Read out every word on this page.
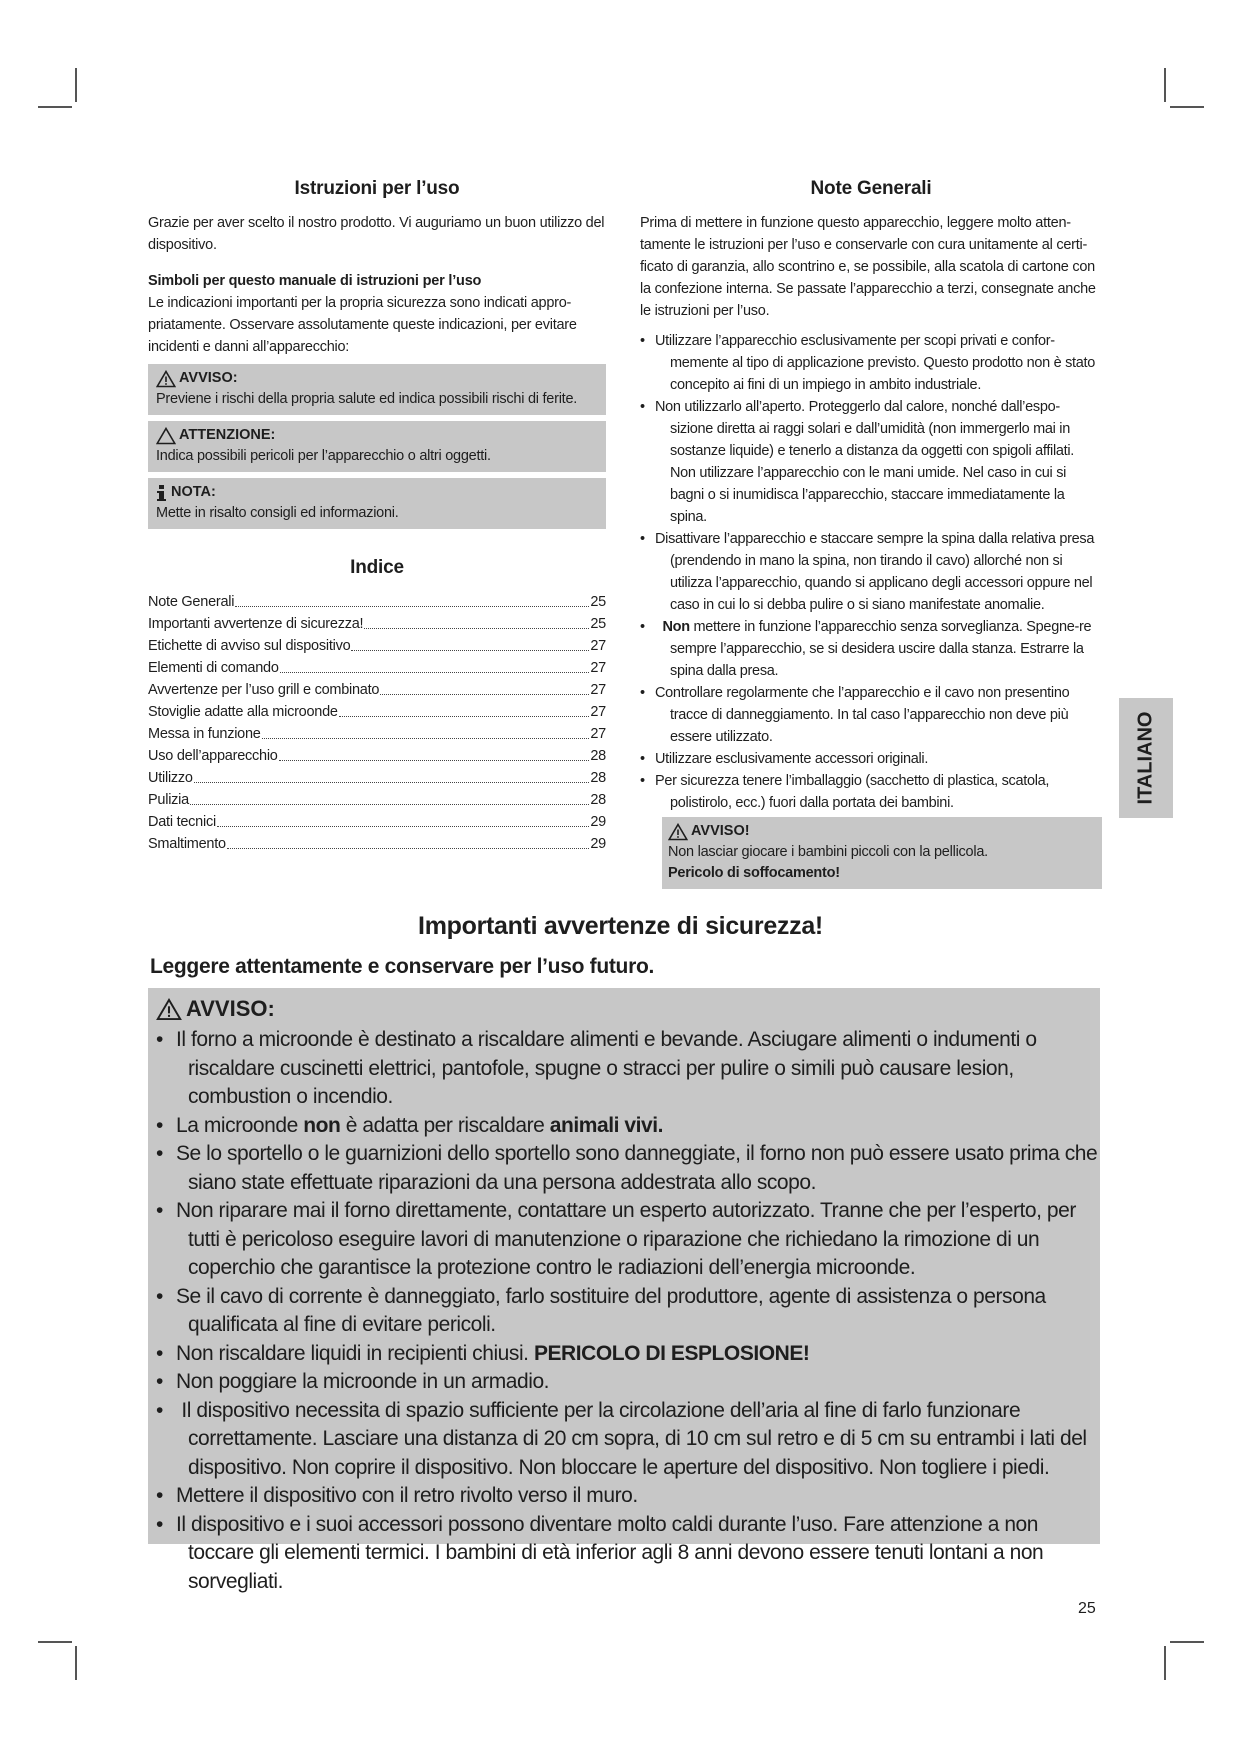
Istruzioni per l’uso

Grazie per aver scelto il nostro prodotto. Vi auguriamo un buon utilizzo del dispositivo.

Simboli per questo manuale di istruzioni per l’uso

Le indicazioni importanti per la propria sicurezza sono indicati appro-priatamente. Osservare assolutamente queste indicazioni, per evitare incidenti e danni all’apparecchio:

AVVISO:
Previene i rischi della propria salute ed indica possibili rischi di ferite.
ATTENZIONE:
Indica possibili pericoli per l’apparecchio o altri oggetti.
NOTA:
Mette in risalto consigli ed informazioni.
Indice
Note Generali	25
Importanti avvertenze di sicurezza!	25
Etichette di avviso sul dispositivo	27
Elementi di comando	27
Avvertenze per l’uso grill e combinato	27
Stoviglie adatte alla microonde	27
Messa in funzione	27
Uso dell’apparecchio	28
Utilizzo	28
Pulizia	28
Dati tecnici	29
Smaltimento	29
Note Generali

Prima di mettere in funzione questo apparecchio, leggere molto atten-tamente le istruzioni per l’uso e conservarle con cura unitamente al certi-ficato di garanzia, allo scontrino e, se possibile, alla scatola di cartone con la confezione interna. Se passate l’apparecchio a terzi, consegnate anche le istruzioni per l’uso.

• Utilizzare l’apparecchio esclusivamente per scopi privati e confor-memente al tipo di applicazione previsto. Questo prodotto non è stato concepito ai fini di un impiego in ambito industriale.
• Non utilizzarlo all’aperto. Proteggerlo dal calore, nonché dall’espo-sizione diretta ai raggi solari e dall’umidità (non immergerlo mai in sostanze liquide) e tenerlo a distanza da oggetti con spigoli affilati. Non utilizzare l’apparecchio con le mani umide. Nel caso in cui si bagni o si inumidisca l’apparecchio, staccare immediatamente la spina.
• Disattivare l’apparecchio e staccare sempre la spina dalla relativa presa (prendendo in mano la spina, non tirando il cavo) allorché non si utilizza l’apparecchio, quando si applicano degli accessori oppure nel caso in cui lo si debba pulire o si siano manifestate anomalie.
• Non mettere in funzione l’apparecchio senza sorveglianza. Spegne-re sempre l’apparecchio, se si desidera uscire dalla stanza. Estrarre la spina dalla presa.
• Controllare regolarmente che l’apparecchio e il cavo non presentino tracce di danneggiamento. In tal caso l’apparecchio non deve più essere utilizzato.
• Utilizzare esclusivamente accessori originali.
• Per sicurezza tenere l’imballaggio (sacchetto di plastica, scatola, polistirolo, ecc.) fuori dalla portata dei bambini.
AVVISO!
Non lasciar giocare i bambini piccoli con la pellicola.
Pericolo di soffocamento!
ITALIANO
Importanti avvertenze di sicurezza!

Leggere attentamente e conservare per l’uso futuro.

AVVISO:
• Il forno a microonde è destinato a riscaldare alimenti e bevande. Asciugare alimenti o indumenti o riscaldare cuscinetti elettrici, pantofole, spugne o stracci per pulire o simili può causare lesion, combustion o incendio.
• La microonde non è adatta per riscaldare animali vivi.
• Se lo sportello o le guarnizioni dello sportello sono danneggiate, il forno non può essere usato prima che siano state effettuate riparazioni da una persona addestrata allo scopo.
• Non riparare mai il forno direttamente, contattare un esperto autorizzato. Tranne che per l’esperto, per tutti è pericoloso eseguire lavori di manutenzione o riparazione che richiedano la rimozione di un coperchio che garantisce la protezione contro le radiazioni dell’energia microonde.
• Se il cavo di corrente è danneggiato, farlo sostituire del produttore, agente di assistenza o persona qualificata al fine di evitare pericoli.
• Non riscaldare liquidi in recipienti chiusi. PERICOLO DI ESPLOSIONE!
• Non poggiare la microonde in un armadio.
• Il dispositivo necessita di spazio sufficiente per la circolazione dell’aria al fine di farlo funzionare correttamente. Lasciare una distanza di 20 cm sopra, di 10 cm sul retro e di 5 cm su entrambi i lati del dispositivo. Non coprire il dispositivo. Non bloccare le aperture del dispositivo. Non togliere i piedi.
• Mettere il dispositivo con il retro rivolto verso il muro.
• Il dispositivo e i suoi accessori possono diventare molto caldi durante l’uso. Fare attenzione a non toccare gli elementi termici. I bambini di età inferior agli 8 anni devono essere tenuti lontani a non sorvegliati.
25
